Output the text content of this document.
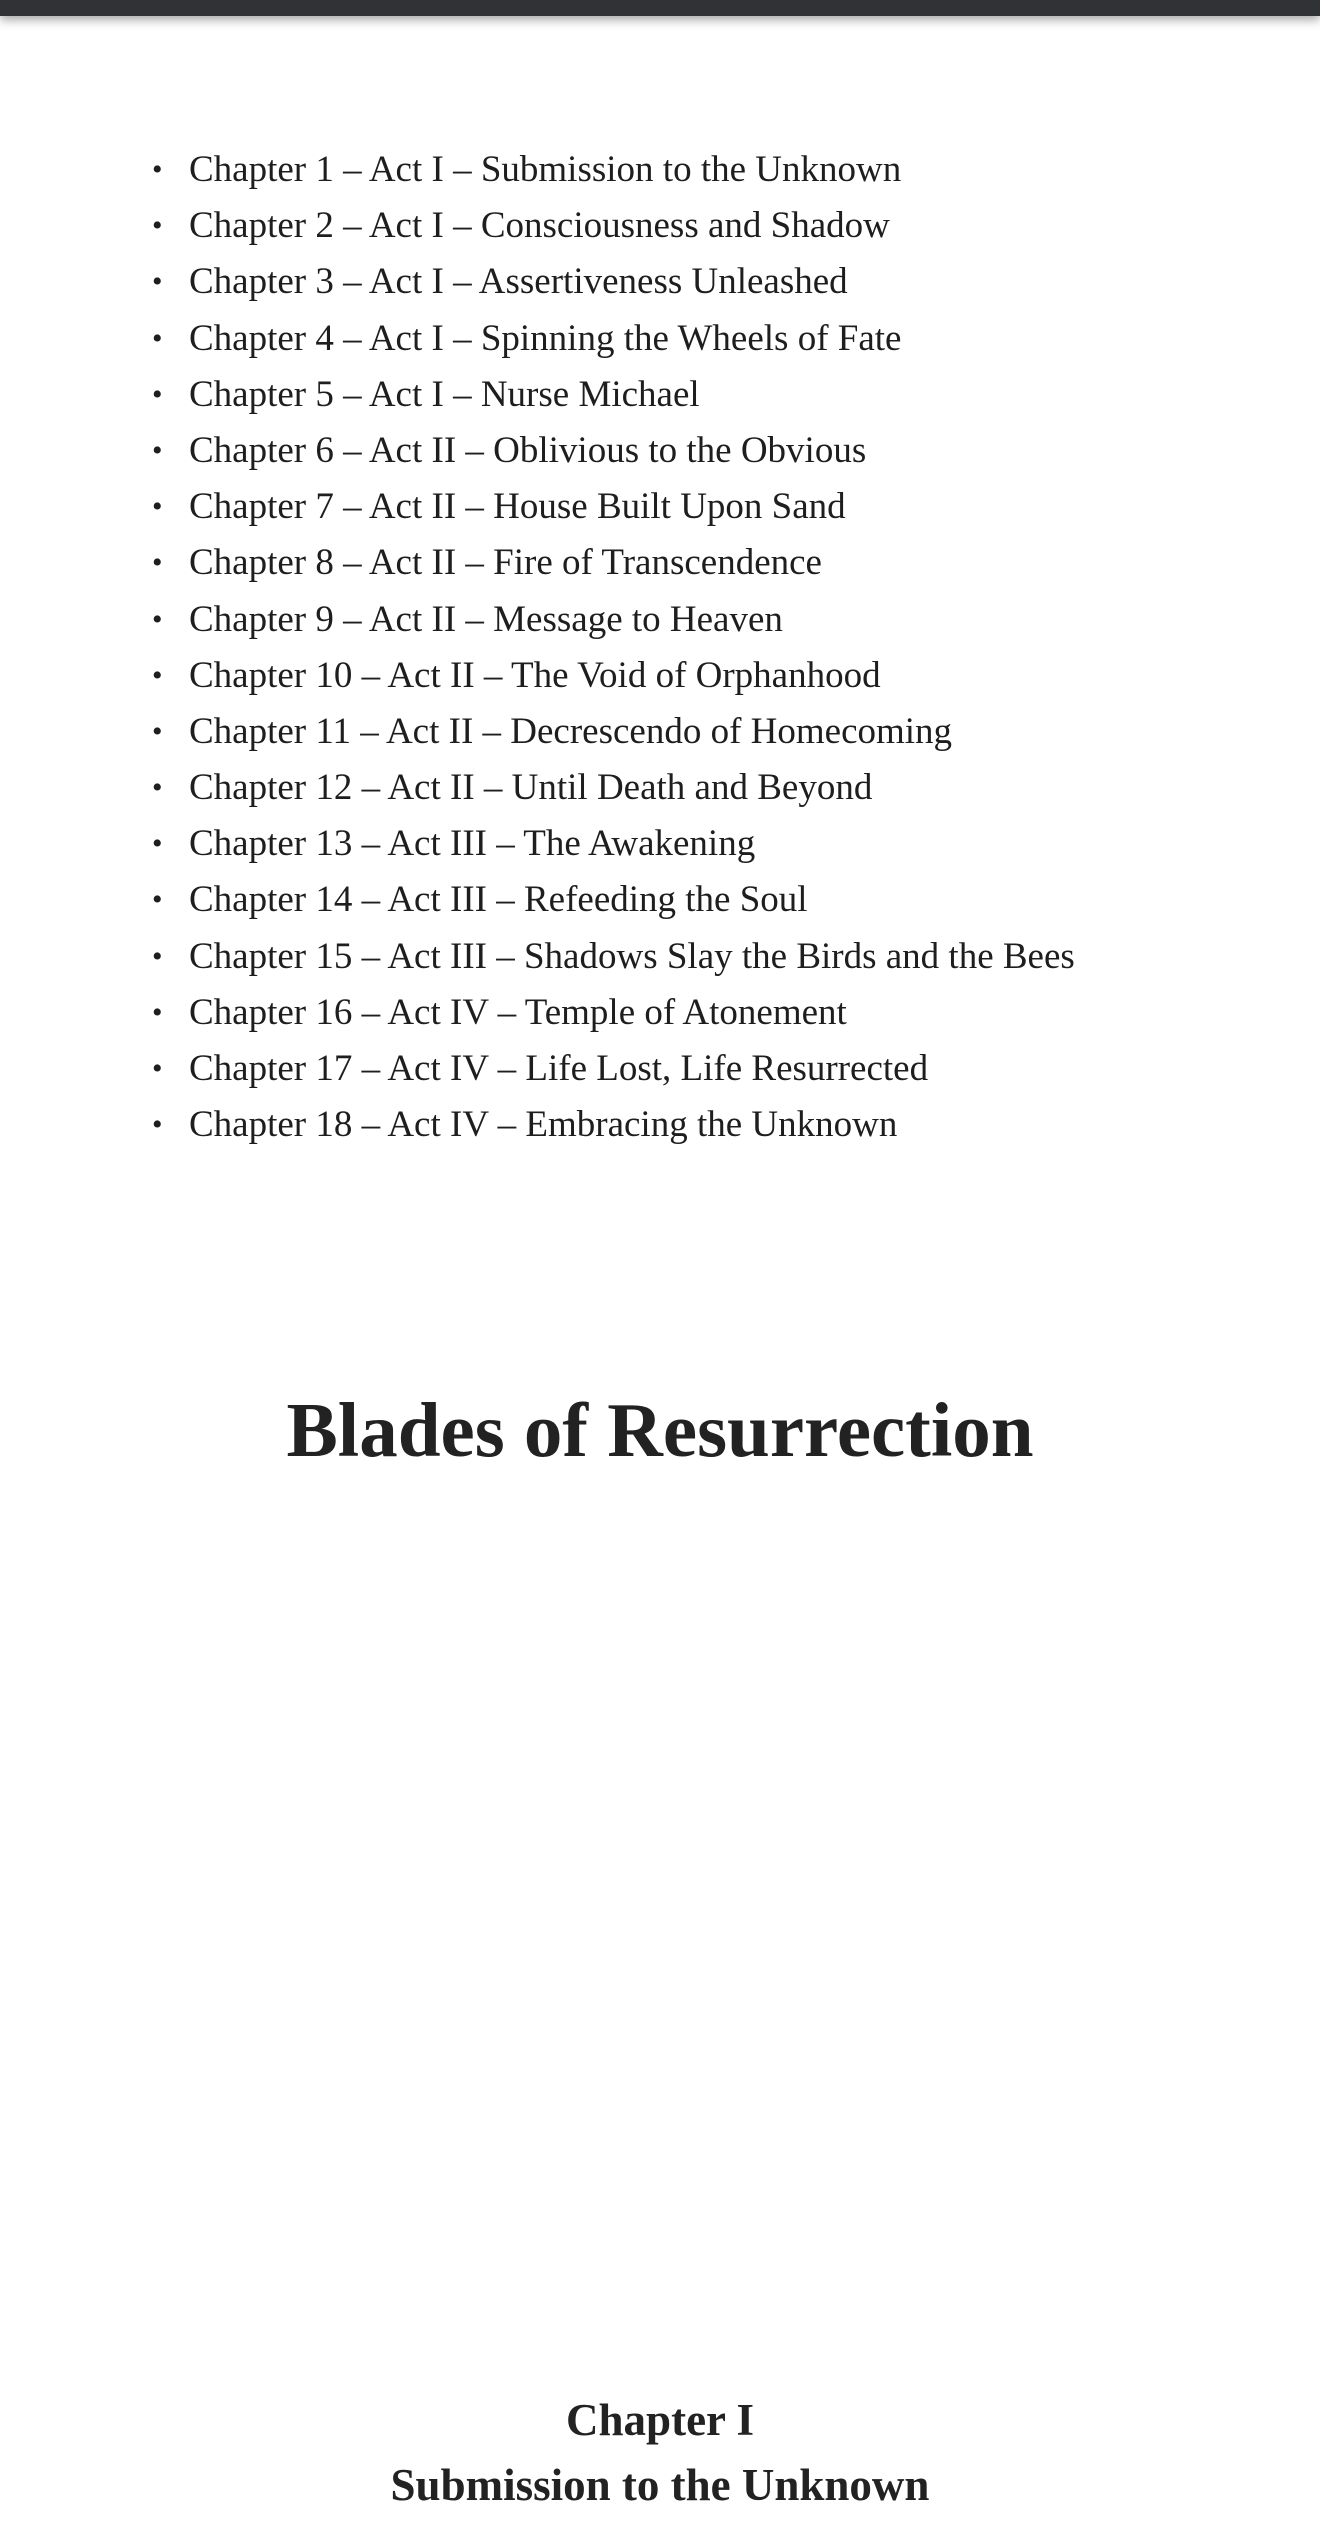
• Chapter 1 – Act I – Submission to the Unknown
• Chapter 2 – Act I – Consciousness and Shadow
• Chapter 3 – Act I – Assertiveness Unleashed
• Chapter 4 – Act I – Spinning the Wheels of Fate
• Chapter 5 – Act I – Nurse Michael
• Chapter 6 – Act II – Oblivious to the Obvious
• Chapter 7 – Act II – House Built Upon Sand
• Chapter 8 – Act II – Fire of Transcendence
• Chapter 9 – Act II – Message to Heaven
• Chapter 10 – Act II – The Void of Orphanhood
• Chapter 11 – Act II – Decrescendo of Homecoming
• Chapter 12 – Act II – Until Death and Beyond
• Chapter 13 – Act III – The Awakening
• Chapter 14 – Act III – Refeeding the Soul
• Chapter 15 – Act III – Shadows Slay the Birds and the Bees
• Chapter 16 – Act IV – Temple of Atonement
• Chapter 17 – Act IV – Life Lost, Life Resurrected
• Chapter 18 – Act IV – Embracing the Unknown
Blades of Resurrection
Chapter I
Submission to the Unknown
